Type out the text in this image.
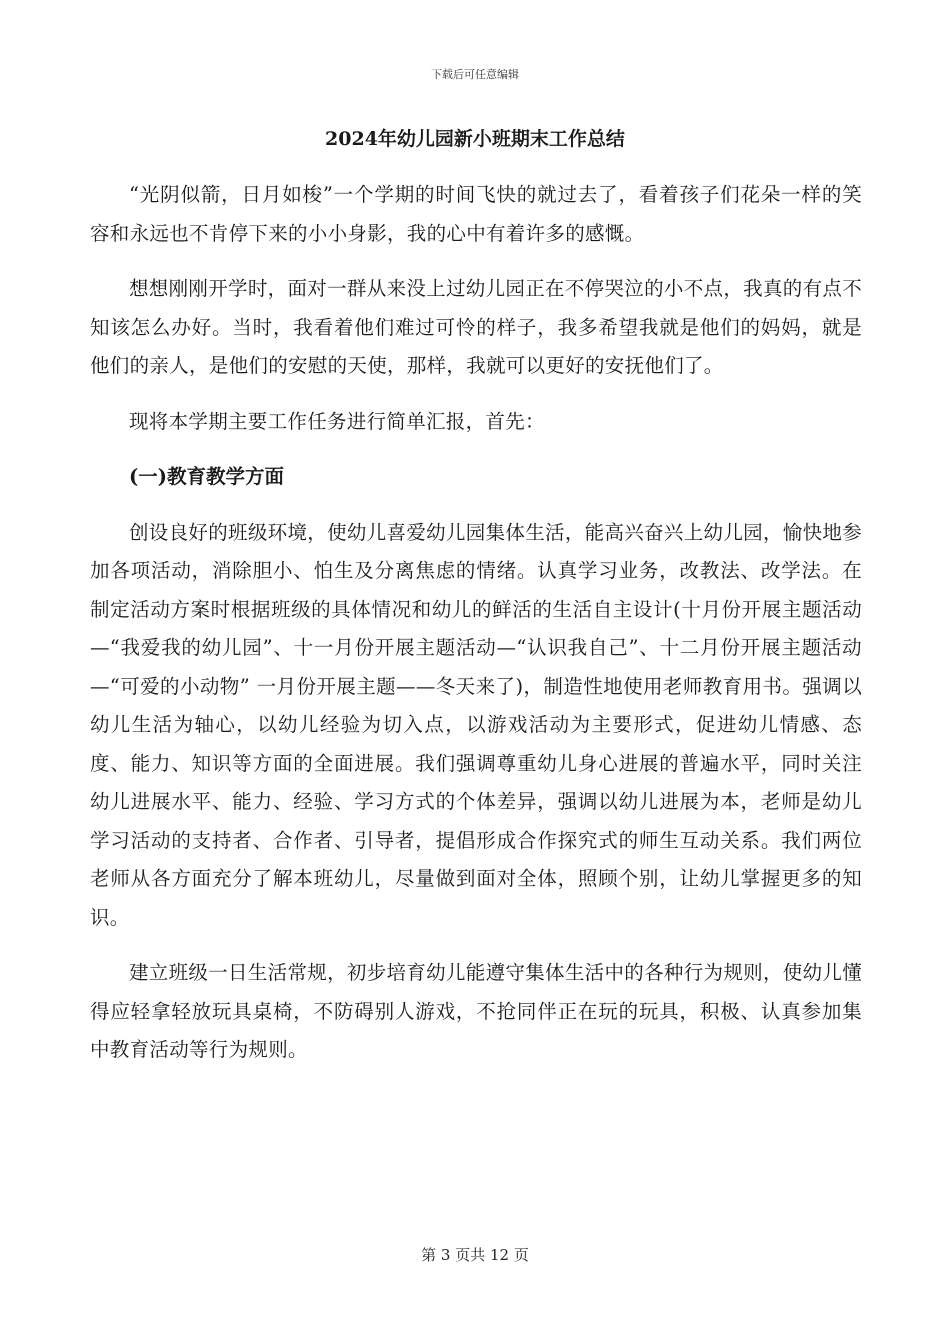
下载后可任意编辑
2024年幼儿园新小班期末工作总结

“光阴似箭，日月如梭”一个学期的时间飞快的就过去了，看着孩子们花朵一样的笑容和永远也不肯停下来的小小身影，我的心中有着许多的感慨。

想想刚刚开学时，面对一群从来没上过幼儿园正在不停哭泣的小不点，我真的有点不知该怎么办好。当时，我看着他们难过可怜的样子，我多希望我就是他们的妈妈，就是他们的亲人，是他们的安慰的天使，那样，我就可以更好的安抚他们了。

现将本学期主要工作任务进行简单汇报，首先：

(一)教育教学方面

创设良好的班级环境，使幼儿喜爱幼儿园集体生活，能高兴奋兴上幼儿园，愉快地参加各项活动，消除胆小、怕生及分离焦虑的情绪。认真学习业务，改教法、改学法。在制定活动方案时根据班级的具体情况和幼儿的鲜活的生活自主设计(十月份开展主题活动—“我爱我的幼儿园”、十一月份开展主题活动—“认识我自己”、十二月份开展主题活动—“可爱的小动物” 一月份开展主题——冬天来了)，制造性地使用老师教育用书。强调以幼儿生活为轴心，以幼儿经验为切入点，以游戏活动为主要形式，促进幼儿情感、态度、能力、知识等方面的全面进展。我们强调尊重幼儿身心进展的普遍水平，同时关注幼儿进展水平、能力、经验、学习方式的个体差异，强调以幼儿进展为本，老师是幼儿学习活动的支持者、合作者、引导者，提倡形成合作探究式的师生互动关系。我们两位老师从各方面充分了解本班幼儿，尽量做到面对全体，照顾个别，让幼儿掌握更多的知识。

建立班级一日生活常规，初步培育幼儿能遵守集体生活中的各种行为规则，使幼儿懂得应轻拿轻放玩具桌椅，不防碍别人游戏，不抢同伴正在玩的玩具，积极、认真参加集中教育活动等行为规则。

第 3 页共 12 页
